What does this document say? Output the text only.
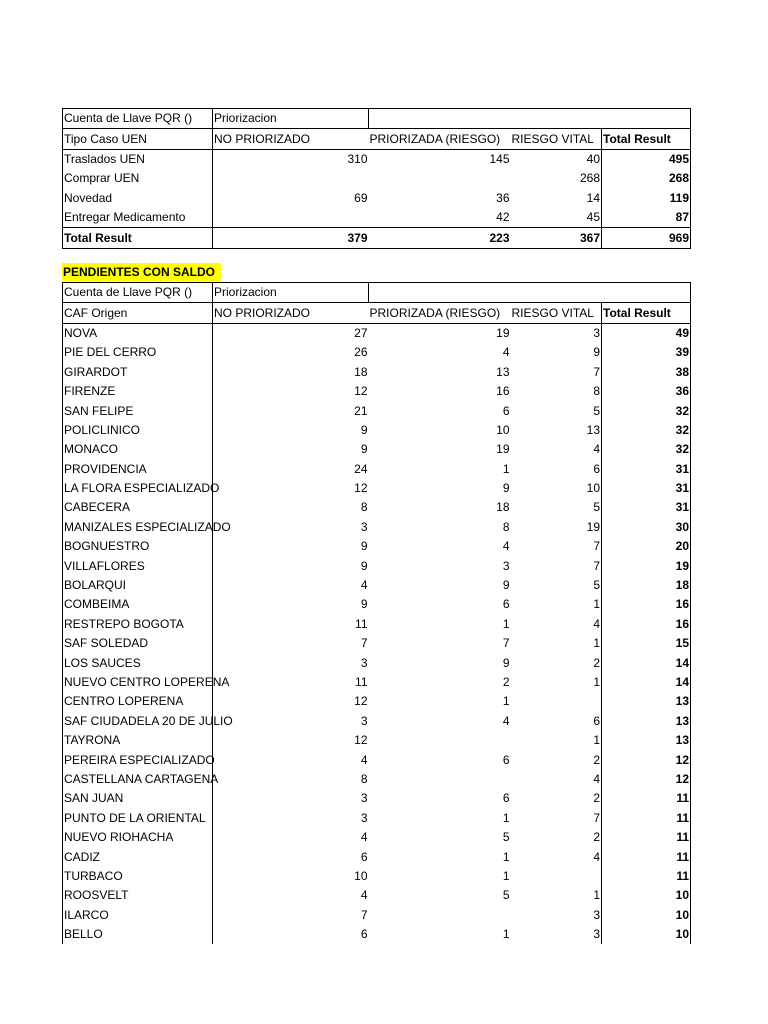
Cuenta de Llave PQR ()	Priorizacion			
Tipo Caso UEN	NO PRIORIZADO	PRIORIZADA (RIESGO)	RIESGO VITAL	Total Result
Traslados UEN	310	145	40	495
Comprar UEN			268	268
Novedad	69	36	14	119
Entregar Medicamento		42	45	87
Total Result	379	223	367	969
PENDIENTES CON SALDO
Cuenta de Llave PQR ()	Priorizacion			
CAF Origen	NO PRIORIZADO	PRIORIZADA (RIESGO)	RIESGO VITAL	Total Result
NOVA	27	19	3	49
PIE DEL CERRO	26	4	9	39
GIRARDOT	18	13	7	38
FIRENZE	12	16	8	36
SAN FELIPE	21	6	5	32
POLICLINICO	9	10	13	32
MONACO	9	19	4	32
PROVIDENCIA	24	1	6	31
LA FLORA ESPECIALIZADO	12	9	10	31
CABECERA	8	18	5	31
MANIZALES ESPECIALIZADO	3	8	19	30
BOGNUESTRO	9	4	7	20
VILLAFLORES	9	3	7	19
BOLARQUI	4	9	5	18
COMBEIMA	9	6	1	16
RESTREPO BOGOTA	11	1	4	16
SAF SOLEDAD	7	7	1	15
LOS SAUCES	3	9	2	14
NUEVO CENTRO LOPERENA	11	2	1	14
CENTRO LOPERENA	12	1		13
SAF CIUDADELA 20 DE JULIO	3	4	6	13
TAYRONA	12		1	13
PEREIRA ESPECIALIZADO	4	6	2	12
CASTELLANA CARTAGENA	8		4	12
SAN JUAN	3	6	2	11
PUNTO DE LA ORIENTAL	3	1	7	11
NUEVO RIOHACHA	4	5	2	11
CADIZ	6	1	4	11
TURBACO	10	1		11
ROOSVELT	4	5	1	10
ILARCO	7		3	10
BELLO	6	1	3	10
